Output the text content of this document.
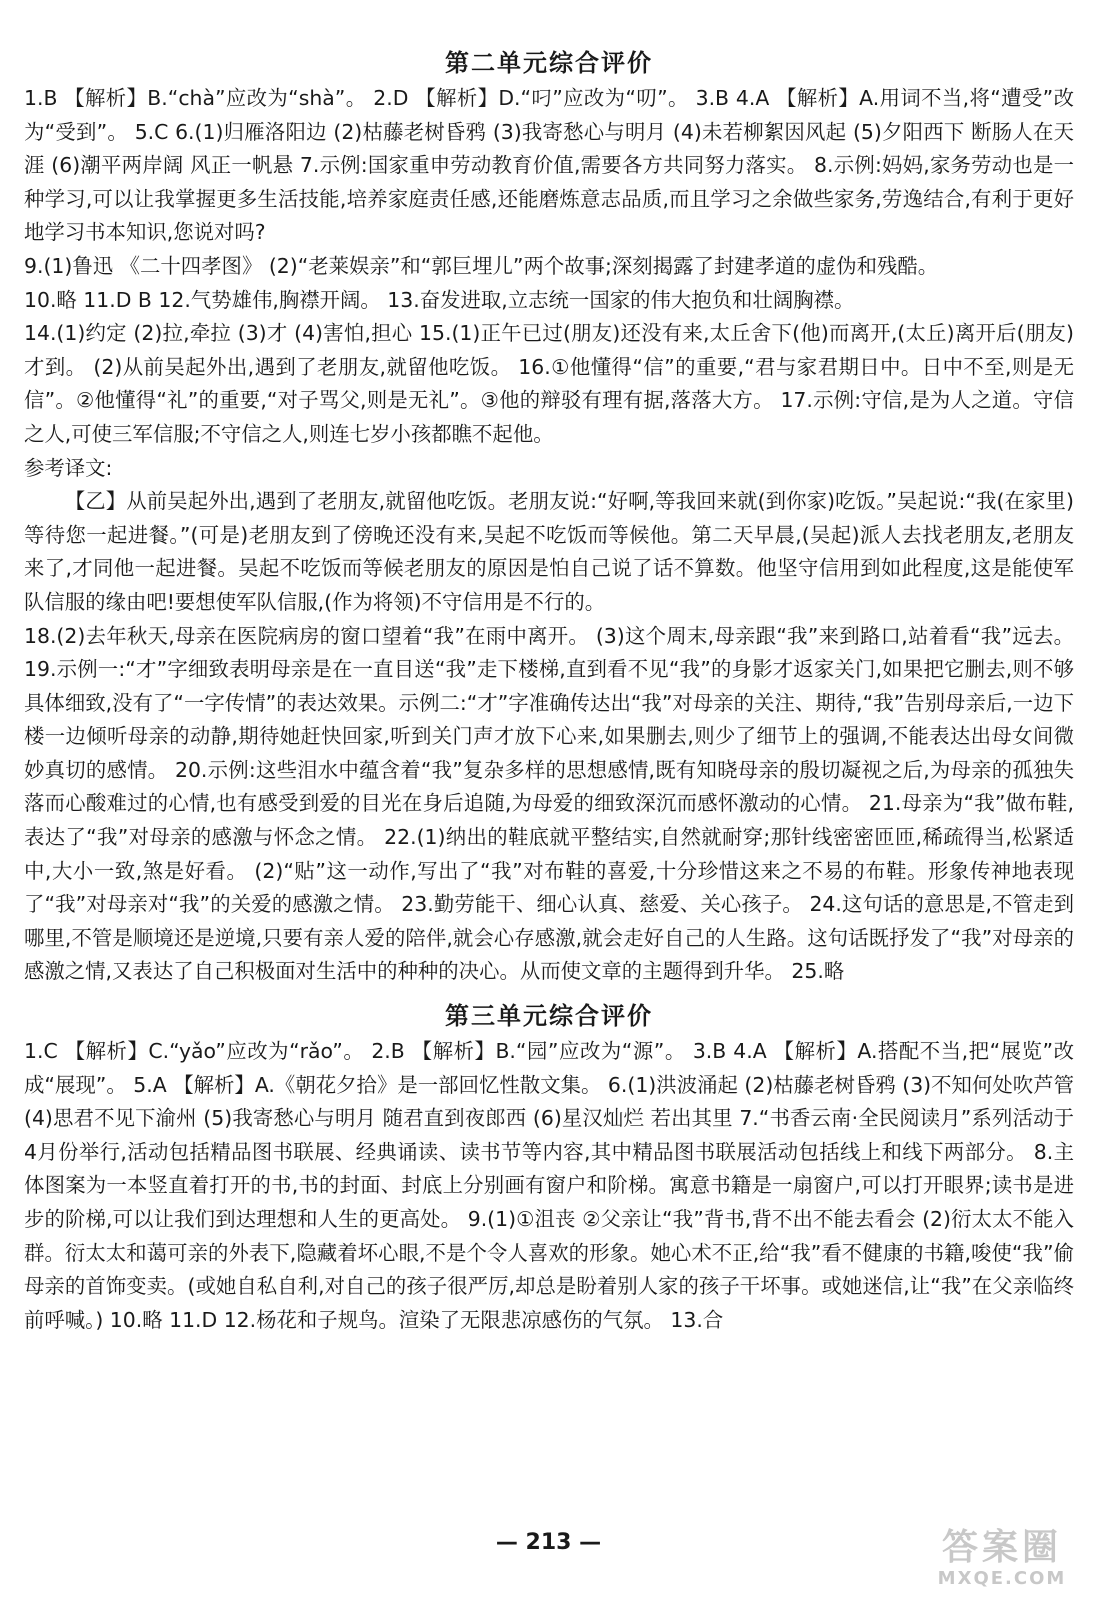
第二单元综合评价

1.B 【解析】B.“chà”应改为“shà”。 2.D 【解析】D.“叼”应改为“叨”。 3.B 4.A 【解析】A.用词不当,将“遭受”改为“受到”。 5.C 6.(1)归雁洛阳边 (2)枯藤老树昏鸦 (3)我寄愁心与明月 (4)未若柳絮因风起 (5)夕阳西下 断肠人在天涯 (6)潮平两岸阔 风正一帆悬 7.示例:国家重申劳动教育价值,需要各方共同努力落实。 8.示例:妈妈,家务劳动也是一种学习,可以让我掌握更多生活技能,培养家庭责任感,还能磨炼意志品质,而且学习之余做些家务,劳逸结合,有利于更好地学习书本知识,您说对吗?

9.(1)鲁迅 《二十四孝图》 (2)“老莱娱亲”和“郭巨埋儿”两个故事;深刻揭露了封建孝道的虚伪和残酷。

10.略 11.D B 12.气势雄伟,胸襟开阔。 13.奋发进取,立志统一国家的伟大抱负和壮阔胸襟。

14.(1)约定 (2)拉,牵拉 (3)才 (4)害怕,担心 15.(1)正午已过(朋友)还没有来,太丘舍下(他)而离开,(太丘)离开后(朋友)才到。 (2)从前吴起外出,遇到了老朋友,就留他吃饭。 16.①他懂得“信”的重要,“君与家君期日中。日中不至,则是无信”。②他懂得“礼”的重要,“对子骂父,则是无礼”。③他的辩驳有理有据,落落大方。 17.示例:守信,是为人之道。守信之人,可使三军信服;不守信之人,则连七岁小孩都瞧不起他。

参考译文:

【乙】从前吴起外出,遇到了老朋友,就留他吃饭。老朋友说:“好啊,等我回来就(到你家)吃饭。”吴起说:“我(在家里)等待您一起进餐。”(可是)老朋友到了傍晚还没有来,吴起不吃饭而等候他。第二天早晨,(吴起)派人去找老朋友,老朋友来了,才同他一起进餐。吴起不吃饭而等候老朋友的原因是怕自己说了话不算数。他坚守信用到如此程度,这是能使军队信服的缘由吧!要想使军队信服,(作为将领)不守信用是不行的。

18.(2)去年秋天,母亲在医院病房的窗口望着“我”在雨中离开。 (3)这个周末,母亲跟“我”来到路口,站着看“我”远去。 19.示例一:“才”字细致表明母亲是在一直目送“我”走下楼梯,直到看不见“我”的身影才返家关门,如果把它删去,则不够具体细致,没有了“一字传情”的表达效果。示例二:“才”字准确传达出“我”对母亲的关注、期待,“我”告别母亲后,一边下楼一边倾听母亲的动静,期待她赶快回家,听到关门声才放下心来,如果删去,则少了细节上的强调,不能表达出母女间微妙真切的感情。 20.示例:这些泪水中蕴含着“我”复杂多样的思想感情,既有知晓母亲的殷切凝视之后,为母亲的孤独失落而心酸难过的心情,也有感受到爱的目光在身后追随,为母爱的细致深沉而感怀激动的心情。 21.母亲为“我”做布鞋,表达了“我”对母亲的感激与怀念之情。 22.(1)纳出的鞋底就平整结实,自然就耐穿;那针线密密匝匝,稀疏得当,松紧适中,大小一致,煞是好看。 (2)“贴”这一动作,写出了“我”对布鞋的喜爱,十分珍惜这来之不易的布鞋。形象传神地表现了“我”对母亲对“我”的关爱的感激之情。 23.勤劳能干、细心认真、慈爱、关心孩子。 24.这句话的意思是,不管走到哪里,不管是顺境还是逆境,只要有亲人爱的陪伴,就会心存感激,就会走好自己的人生路。这句话既抒发了“我”对母亲的感激之情,又表达了自己积极面对生活中的种种的决心。从而使文章的主题得到升华。 25.略

第三单元综合评价

1.C 【解析】C.“yǎo”应改为“rǎo”。 2.B 【解析】B.“园”应改为“源”。 3.B 4.A 【解析】A.搭配不当,把“展览”改成“展现”。 5.A 【解析】A.《朝花夕拾》是一部回忆性散文集。 6.(1)洪波涌起 (2)枯藤老树昏鸦 (3)不知何处吹芦管 (4)思君不见下渝州 (5)我寄愁心与明月 随君直到夜郎西 (6)星汉灿烂 若出其里 7.“书香云南·全民阅读月”系列活动于4月份举行,活动包括精品图书联展、经典诵读、读书节等内容,其中精品图书联展活动包括线上和线下两部分。 8.主体图案为一本竖直着打开的书,书的封面、封底上分别画有窗户和阶梯。寓意书籍是一扇窗户,可以打开眼界;读书是进步的阶梯,可以让我们到达理想和人生的更高处。 9.(1)①沮丧 ②父亲让“我”背书,背不出不能去看会 (2)衍太太不能入群。衍太太和蔼可亲的外表下,隐藏着坏心眼,不是个令人喜欢的形象。她心术不正,给“我”看不健康的书籍,唆使“我”偷母亲的首饰变卖。(或她自私自利,对自己的孩子很严厉,却总是盼着别人家的孩子干坏事。或她迷信,让“我”在父亲临终前呼喊。) 10.略 11.D 12.杨花和子规鸟。渲染了无限悲凉感伤的气氛。 13.合

— 213 —	答案圈
MXQE.COM
